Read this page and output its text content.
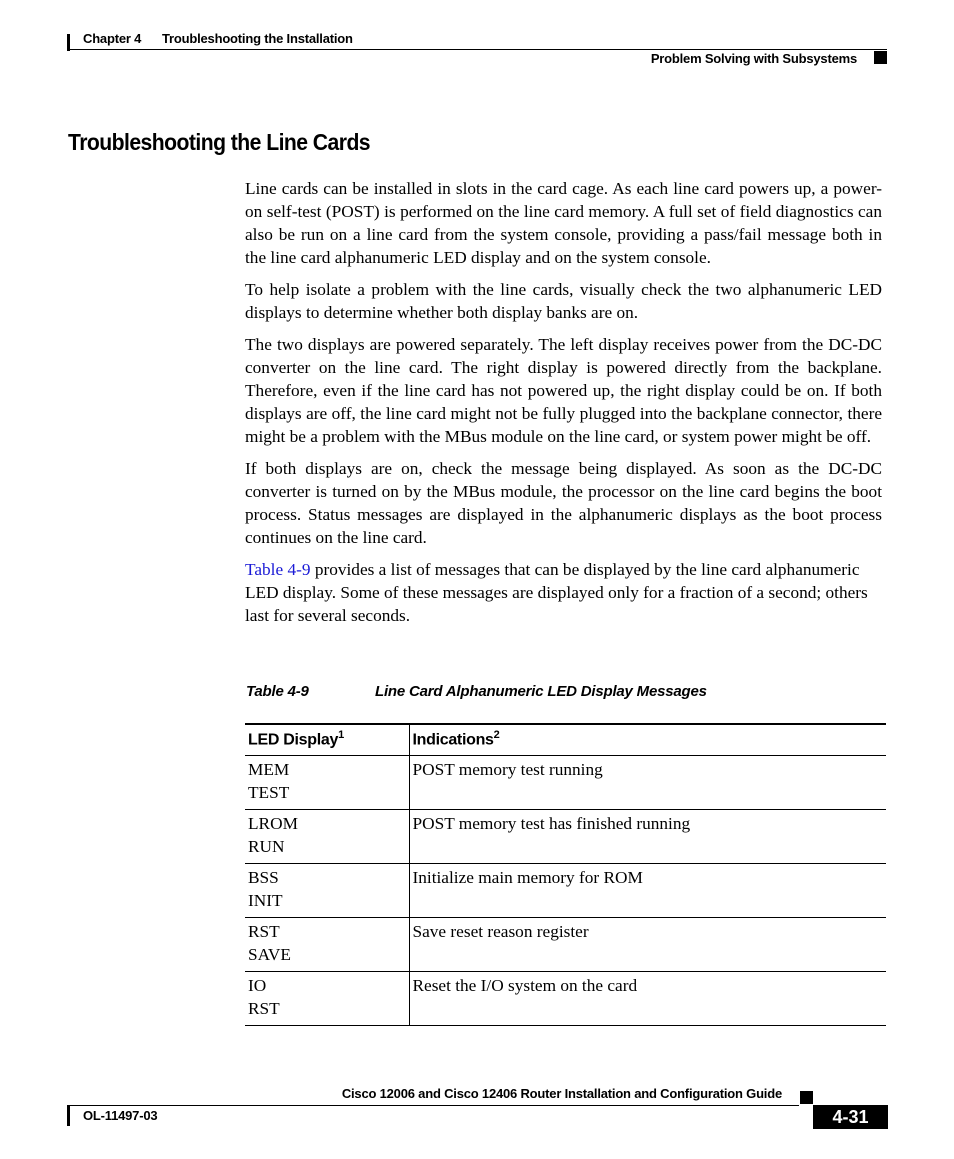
Chapter 4 Troubleshooting the Installation
Problem Solving with Subsystems
Troubleshooting the Line Cards

Line cards can be installed in slots in the card cage. As each line card powers up, a power-on self-test (POST) is performed on the line card memory. A full set of field diagnostics can also be run on a line card from the system console, providing a pass/fail message both in the line card alphanumeric LED display and on the system console.

To help isolate a problem with the line cards, visually check the two alphanumeric LED displays to determine whether both display banks are on.

The two displays are powered separately. The left display receives power from the DC-DC converter on the line card. The right display is powered directly from the backplane. Therefore, even if the line card has not powered up, the right display could be on. If both displays are off, the line card might not be fully plugged into the backplane connector, there might be a problem with the MBus module on the line card, or system power might be off.

If both displays are on, check the message being displayed. As soon as the DC-DC converter is turned on by the MBus module, the processor on the line card begins the boot process. Status messages are displayed in the alphanumeric displays as the boot process continues on the line card.

Table 4-9 provides a list of messages that can be displayed by the line card alphanumeric LED display. Some of these messages are displayed only for a fraction of a second; others last for several seconds.

Table 4-9	Line Card Alphanumeric LED Display Messages
LED Display$^1$	Indications$^2$

MEM
TEST	POST memory test running

LROM
RUN	POST memory test has finished running

BSS
INIT	Initialize main memory for ROM

RST
SAVE	Save reset reason register

IO
RST	Reset the I/O system on the card
Cisco 12006 and Cisco 12406 Router Installation and Configuration Guide
OL-11497-03	4-31
